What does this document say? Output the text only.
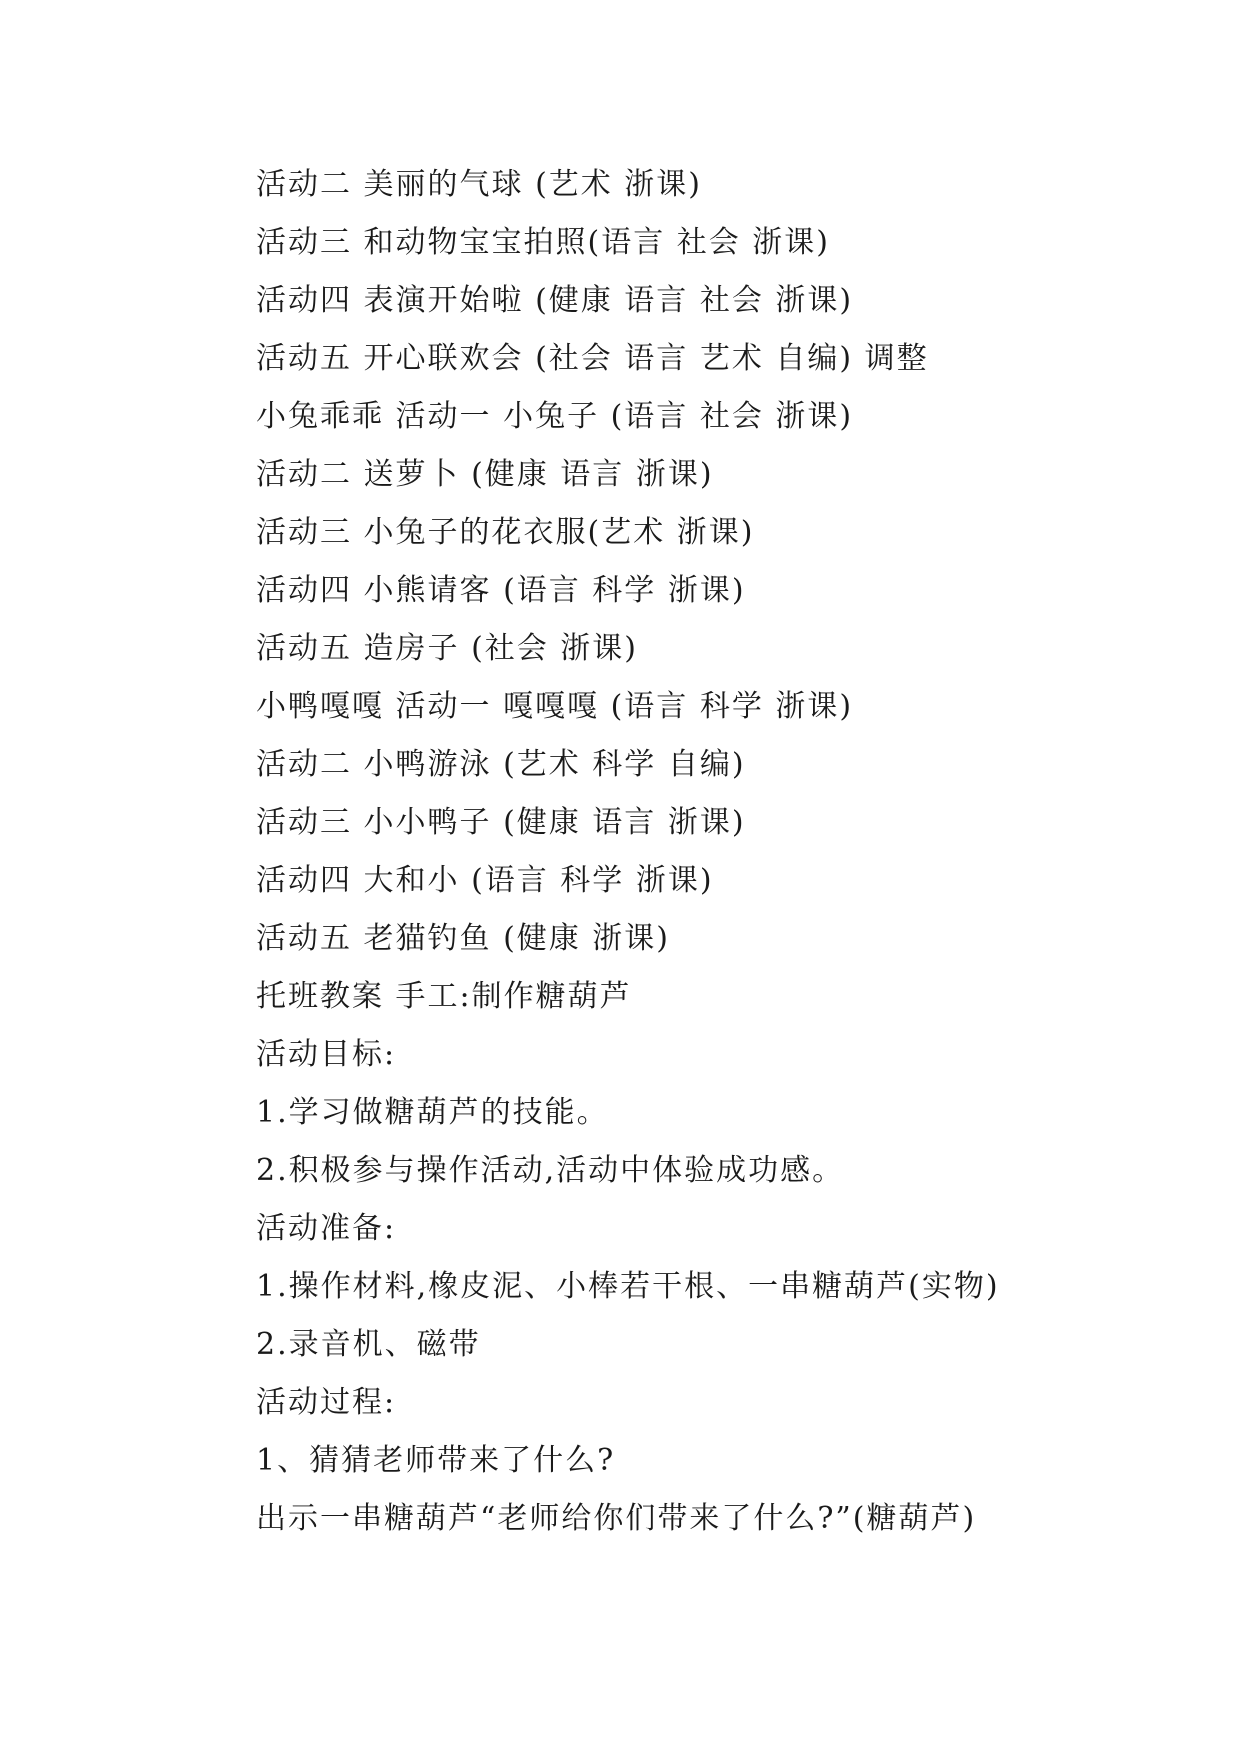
活动二 美丽的气球 (艺术 浙课)
活动三 和动物宝宝拍照(语言 社会 浙课)
活动四 表演开始啦 (健康 语言 社会 浙课)
活动五 开心联欢会 (社会 语言 艺术 自编) 调整
小兔乖乖 活动一 小兔子 (语言 社会 浙课)
活动二 送萝卜 (健康 语言 浙课)
活动三 小兔子的花衣服(艺术 浙课)
活动四 小熊请客 (语言 科学 浙课)
活动五 造房子 (社会 浙课)
小鸭嘎嘎 活动一 嘎嘎嘎 (语言 科学 浙课)
活动二 小鸭游泳 (艺术 科学 自编)
活动三 小小鸭子 (健康 语言 浙课)
活动四 大和小 (语言 科学 浙课)
活动五 老猫钓鱼 (健康 浙课)
托班教案 手工:制作糖葫芦
活动目标:
1.学习做糖葫芦的技能。
2.积极参与操作活动,活动中体验成功感。
活动准备:
1.操作材料,橡皮泥、小棒若干根、一串糖葫芦(实物)
2.录音机、磁带
活动过程:
1、猜猜老师带来了什么?
出示一串糖葫芦“老师给你们带来了什么?”(糖葫芦)
